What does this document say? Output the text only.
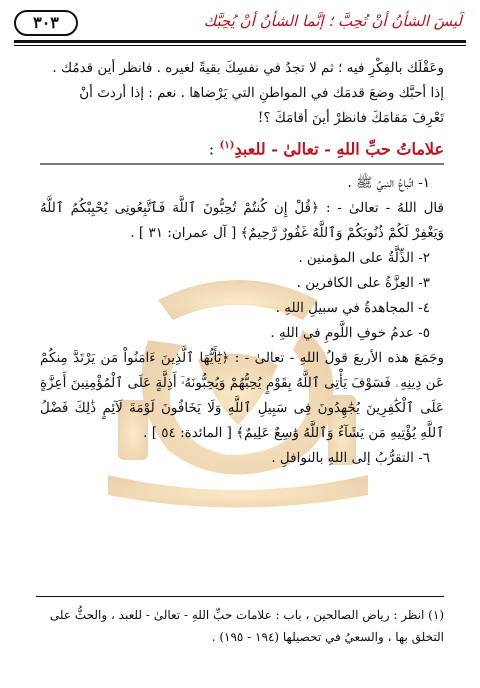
٣٠٣	لَيسَ الشأنُ أنْ تُحِبَّ ؛ إنَّما الشأنُ أنْ يُحِبَّك

وعَقْلَك بالفِكْرِ فيه ؛ ثم لا تجدُ في نفسِكَ بقيةً لغيره . فانظر أين قدمُك .

إذا أحبَّك وضعَ قدمَك في المواطنِ التي يَرْضاها . نعم : إذا أردتَ أنْ

تَعْرِفَ مَقامَكَ فانظرْ أينَ أقامَكَ ؟!

علاماتُ حبِّ اللهِ - تعالىٰ - للعبدِ$^{(١)}$ :

١- اتِّباعُ النبيِّ ﷺ .

قال اللهُ - تعالىٰ - : ﴿قُلْ إِن كُنتُمْ تُحِبُّونَ ٱللَّهَ فَٱتَّبِعُونِى يُحْبِبْكُمُ ٱللَّهُ وَيَغْفِرْ لَكُمْ ذُنُوبَكُمْ وَٱللَّهُ غَفُورٌ رَّحِيمٌ﴾ [ آل عمران: ٣١ ] .

٢- الذِّلَّةُ على المؤمنين .

٣- العِزَّةُ على الكافرين .

٤- المجاهدةُ في سبيلِ اللهِ .

٥- عدمُ خوفِ اللَّومِ في اللهِ .

وجَمَعَ هذه الأربعَ قولُ اللهِ - تعالىٰ - : ﴿يَٰٓأَيُّهَا ٱلَّذِينَ ءَامَنُواْ مَن يَرْتَدَّ مِنكُمْ عَن دِينِهِۦ فَسَوْفَ يَأْتِى ٱللَّهُ بِقَوْمٍ يُحِبُّهُمْ وَيُحِبُّونَهُۥٓ أَذِلَّةٍ عَلَى ٱلْمُؤْمِنِينَ أَعِزَّةٍ عَلَى ٱلْكَٰفِرِينَ يُجَٰهِدُونَ فِى سَبِيلِ ٱللَّهِ وَلَا يَخَافُونَ لَوْمَةَ لَآئِمٍ ذَٰلِكَ فَضْلُ ٱللَّهِ يُؤْتِيهِ مَن يَشَآءُ وَٱللَّهُ وَٰسِعٌ عَلِيمٌ﴾ [ المائدة: ٥٤ ] .

٦- التقرُّبُ إلى اللهِ بالنوافلِ .

(١) انظر : رياض الصالحين ، باب : علامات حبِّ اللهِ - تعالىٰ - للعبد ، والحثُّ على

التخلق بها ، والسعيُ في تحصيلها (١٩٤ - ١٩٥) .
